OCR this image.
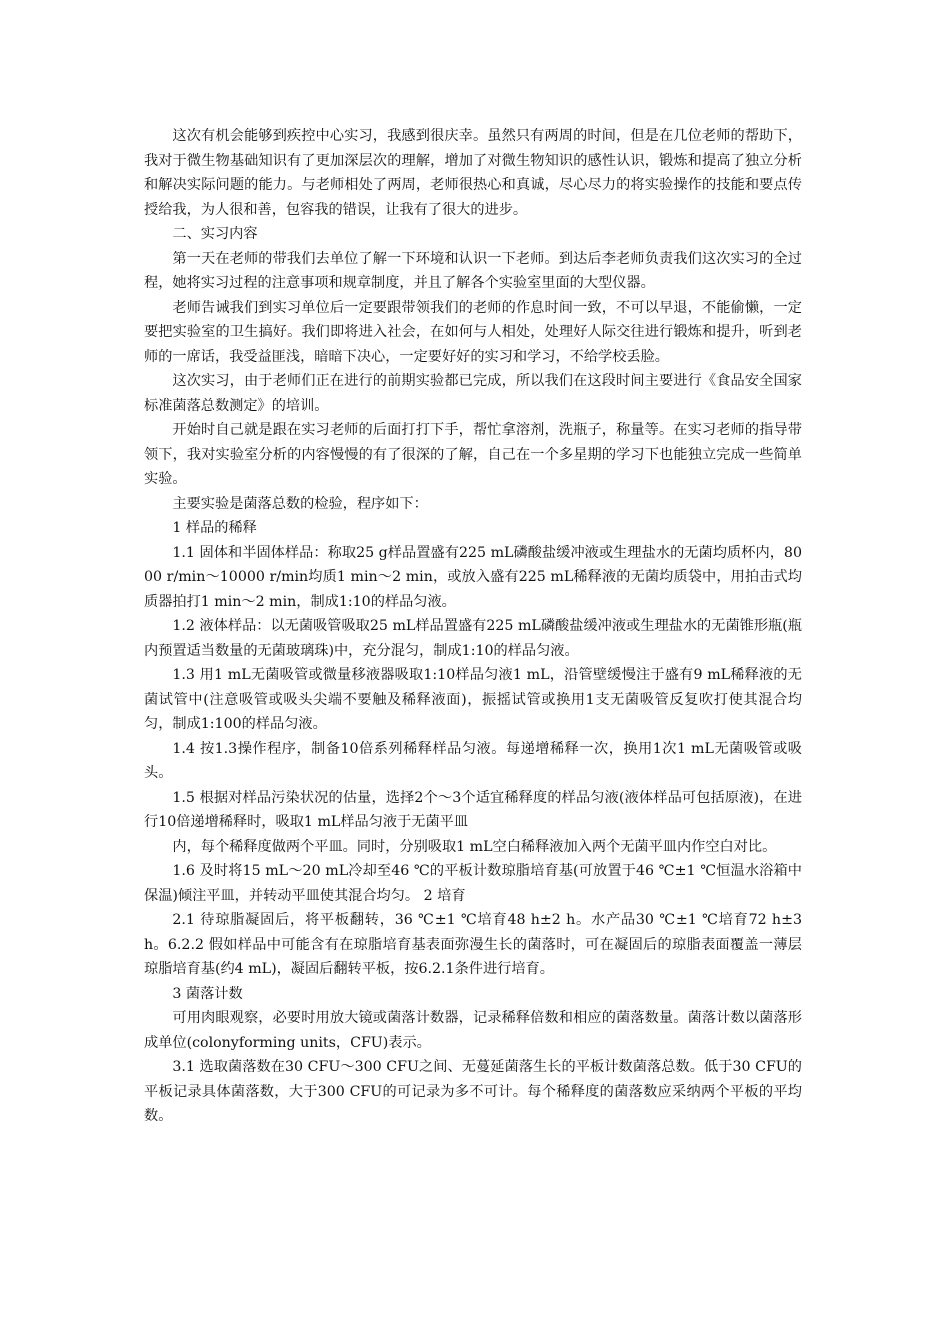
这次有机会能够到疾控中心实习，我感到很庆幸。虽然只有两周的时间，但是在几位老师的帮助下，我对于微生物基础知识有了更加深层次的理解，增加了对微生物知识的感性认识，锻炼和提高了独立分析和解决实际问题的能力。与老师相处了两周，老师很热心和真诚，尽心尽力的将实验操作的技能和要点传授给我，为人很和善，包容我的错误，让我有了很大的进步。

二、实习内容

第一天在老师的带我们去单位了解一下环境和认识一下老师。到达后李老师负责我们这次实习的全过程，她将实习过程的注意事项和规章制度，并且了解各个实验室里面的大型仪器。

老师告诫我们到实习单位后一定要跟带领我们的老师的作息时间一致，不可以早退，不能偷懒，一定要把实验室的卫生搞好。我们即将进入社会，在如何与人相处，处理好人际交往进行锻炼和提升，听到老师的一席话，我受益匪浅，暗暗下决心，一定要好好的实习和学习，不给学校丢脸。

这次实习，由于老师们正在进行的前期实验都已完成，所以我们在这段时间主要进行《食品安全国家标准菌落总数测定》的培训。

开始时自己就是跟在实习老师的后面打打下手，帮忙拿溶剂，洗瓶子，称量等。在实习老师的指导带领下，我对实验室分析的内容慢慢的有了很深的了解，自己在一个多星期的学习下也能独立完成一些简单实验。

主要实验是菌落总数的检验，程序如下：

1 样品的稀释

1.1 固体和半固体样品：称取25 g样品置盛有225 mL磷酸盐缓冲液或生理盐水的无菌均质杯内，8000 r/min～10000 r/min均质1 min～2 min，或放入盛有225 mL稀释液的无菌均质袋中，用拍击式均质器拍打1 min～2 min，制成1:10的样品匀液。

1.2 液体样品：以无菌吸管吸取25 mL样品置盛有225 mL磷酸盐缓冲液或生理盐水的无菌锥形瓶(瓶内预置适当数量的无菌玻璃珠)中，充分混匀，制成1:10的样品匀液。

1.3 用1 mL无菌吸管或微量移液器吸取1:10样品匀液1 mL，沿管壁缓慢注于盛有9 mL稀释液的无菌试管中(注意吸管或吸头尖端不要触及稀释液面)，振摇试管或换用1支无菌吸管反复吹打使其混合均匀，制成1:100的样品匀液。

1.4 按1.3操作程序，制备10倍系列稀释样品匀液。每递增稀释一次，换用1次1 mL无菌吸管或吸头。

1.5 根据对样品污染状况的估量，选择2个～3个适宜稀释度的样品匀液(液体样品可包括原液)，在进行10倍递增稀释时，吸取1 mL样品匀液于无菌平皿

内，每个稀释度做两个平皿。同时，分别吸取1 mL空白稀释液加入两个无菌平皿内作空白对比。

1.6 及时将15 mL～20 mL冷却至46 ℃的平板计数琼脂培育基(可放置于46 ℃±1 ℃恒温水浴箱中保温)倾注平皿，并转动平皿使其混合均匀。 2 培育

2.1 待琼脂凝固后，将平板翻转，36 ℃±1 ℃培育48 h±2 h。水产品30 ℃±1 ℃培育72 h±3 h。6.2.2 假如样品中可能含有在琼脂培育基表面弥漫生长的菌落时，可在凝固后的琼脂表面覆盖一薄层琼脂培育基(约4 mL)，凝固后翻转平板，按6.2.1条件进行培育。

3 菌落计数

可用肉眼观察，必要时用放大镜或菌落计数器，记录稀释倍数和相应的菌落数量。菌落计数以菌落形成单位(colonyforming units，CFU)表示。

3.1 选取菌落数在30 CFU～300 CFU之间、无蔓延菌落生长的平板计数菌落总数。低于30 CFU的平板记录具体菌落数，大于300 CFU的可记录为多不可计。每个稀释度的菌落数应采纳两个平板的平均数。
